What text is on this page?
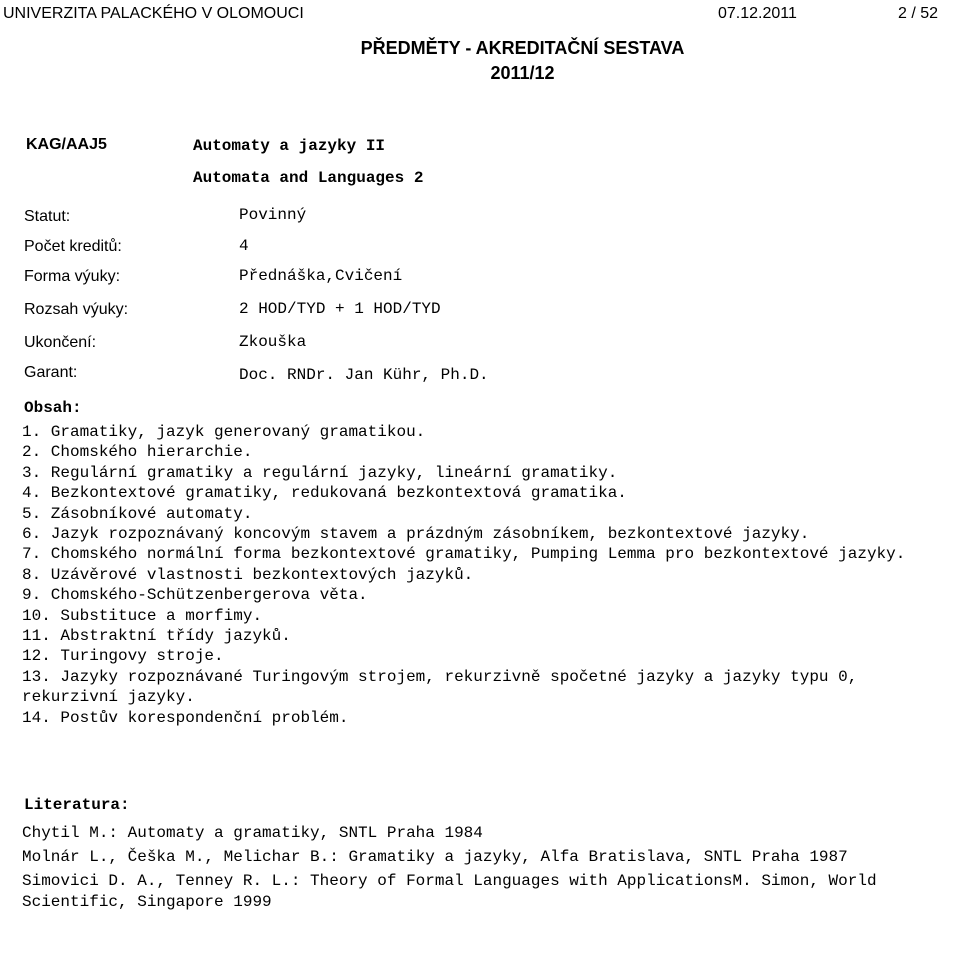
UNIVERZITA PALACKÉHO V OLOMOUCI	07.12.2011	2 / 52
PŘEDMĚTY - AKREDITAČNÍ SESTAVA
2011/12
KAG/AAJ5	Automaty a jazyky II
Automata and Languages 2
Statut:	Povinný
Počet kreditů:	4
Forma výuky:	Přednáška,Cvičení
Rozsah výuky:	2 HOD/TYD + 1 HOD/TYD
Ukončení:	Zkouška
Garant:	Doc. RNDr. Jan Kühr, Ph.D.
Obsah:
1. Gramatiky, jazyk generovaný gramatikou.
2. Chomského hierarchie.
3. Regulární gramatiky a regulární jazyky, lineární gramatiky.
4. Bezkontextové gramatiky, redukovaná bezkontextová gramatika.
5. Zásobníkové automaty.
6. Jazyk rozpoznávaný koncovým stavem a prázdným zásobníkem, bezkontextové jazyky.
7. Chomského normální forma bezkontextové gramatiky, Pumping Lemma pro bezkontextové jazyky.
8. Uzávěrové vlastnosti bezkontextových jazyků.
9. Chomského-Schützenbergerova věta.
10. Substituce a morfimy.
11. Abstraktní třídy jazyků.
12. Turingovy stroje.
13. Jazyky rozpoznávané Turingovým strojem, rekurzivně spočetné jazyky a jazyky typu 0, rekurzivní jazyky.
14. Postův korespondenční problém.
Literatura:
Chytil M.: Automaty a gramatiky, SNTL Praha 1984
Molnár L., Češka M., Melichar B.: Gramatiky a jazyky, Alfa Bratislava, SNTL Praha 1987
Simovici D. A., Tenney R. L.: Theory of Formal Languages with ApplicationsM. Simon, World Scientific, Singapore 1999
